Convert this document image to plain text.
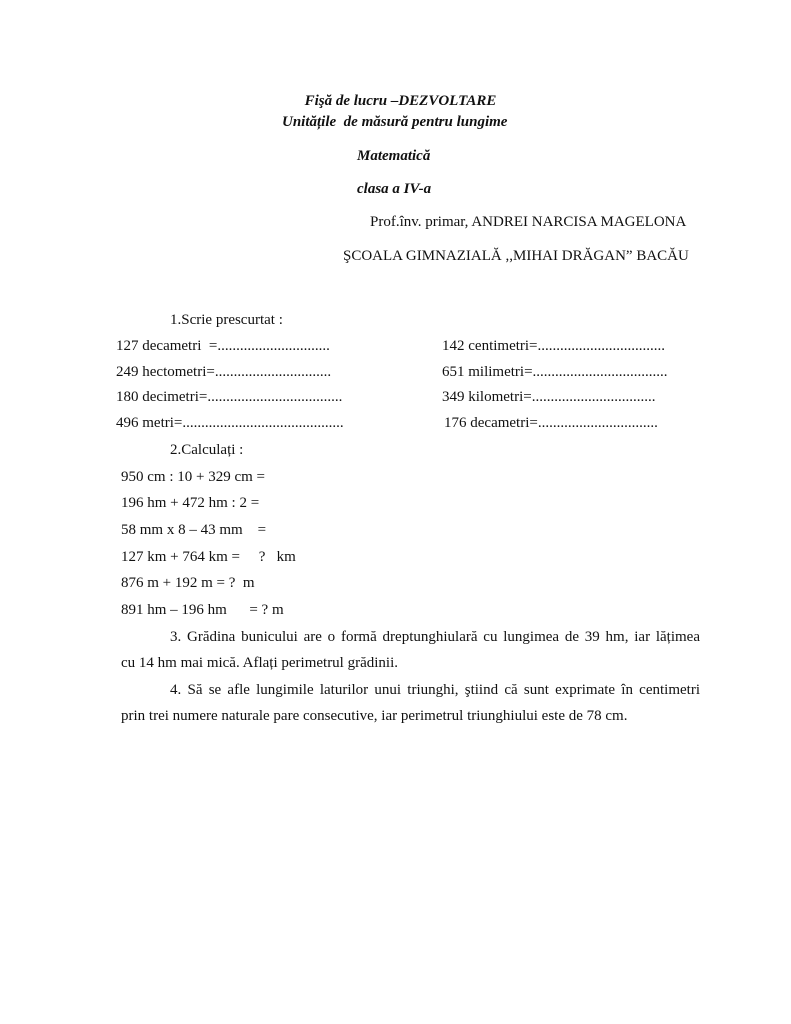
Fişă de lucru –DEZVOLTARE
Unitățile  de măsură pentru lungime
Matematică
clasa a IV-a
Prof.înv. primar, ANDREI NARCISA MAGELONA
ŞCOALA GIMNAZIALĂ ,,MIHAI DRĂGAN” BACĂU
1.Scrie prescurtat :
127 decametri  =..............................
249 hectometri=...............................
180 decimetri=....................................
496 metri=...........................................
142 centimetri=..................................
651 milimetri=....................................
349 kilometri=.................................
176 decametri=................................
2.Calculați :
950 cm : 10 + 329 cm =
196 hm + 472 hm : 2 =
58 mm x 8 – 43 mm    =
127 km + 764 km =     ?   km
876 m + 192 m = ?  m
891 hm – 196 hm      = ? m
3. Grădina bunicului are o formă dreptunghiulară cu lungimea de 39 hm, iar lățimea
cu 14 hm mai mică. Aflați perimetrul grădinii.
4. Să se afle lungimile laturilor unui triunghi, ştiind că sunt exprimate în centimetri
prin trei numere naturale pare consecutive, iar perimetrul triunghiului este de 78 cm.
